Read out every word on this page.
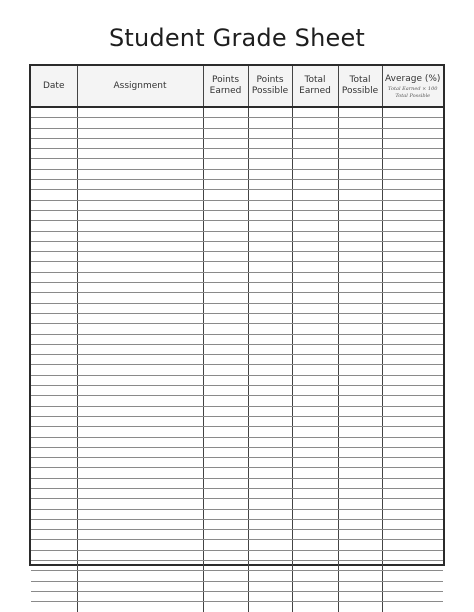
Student Grade Sheet
Date	Assignment	Points Earned	Points Possible	Total Earned	Total Possible	Average (%)
Total Earned × 100
Total Possible
